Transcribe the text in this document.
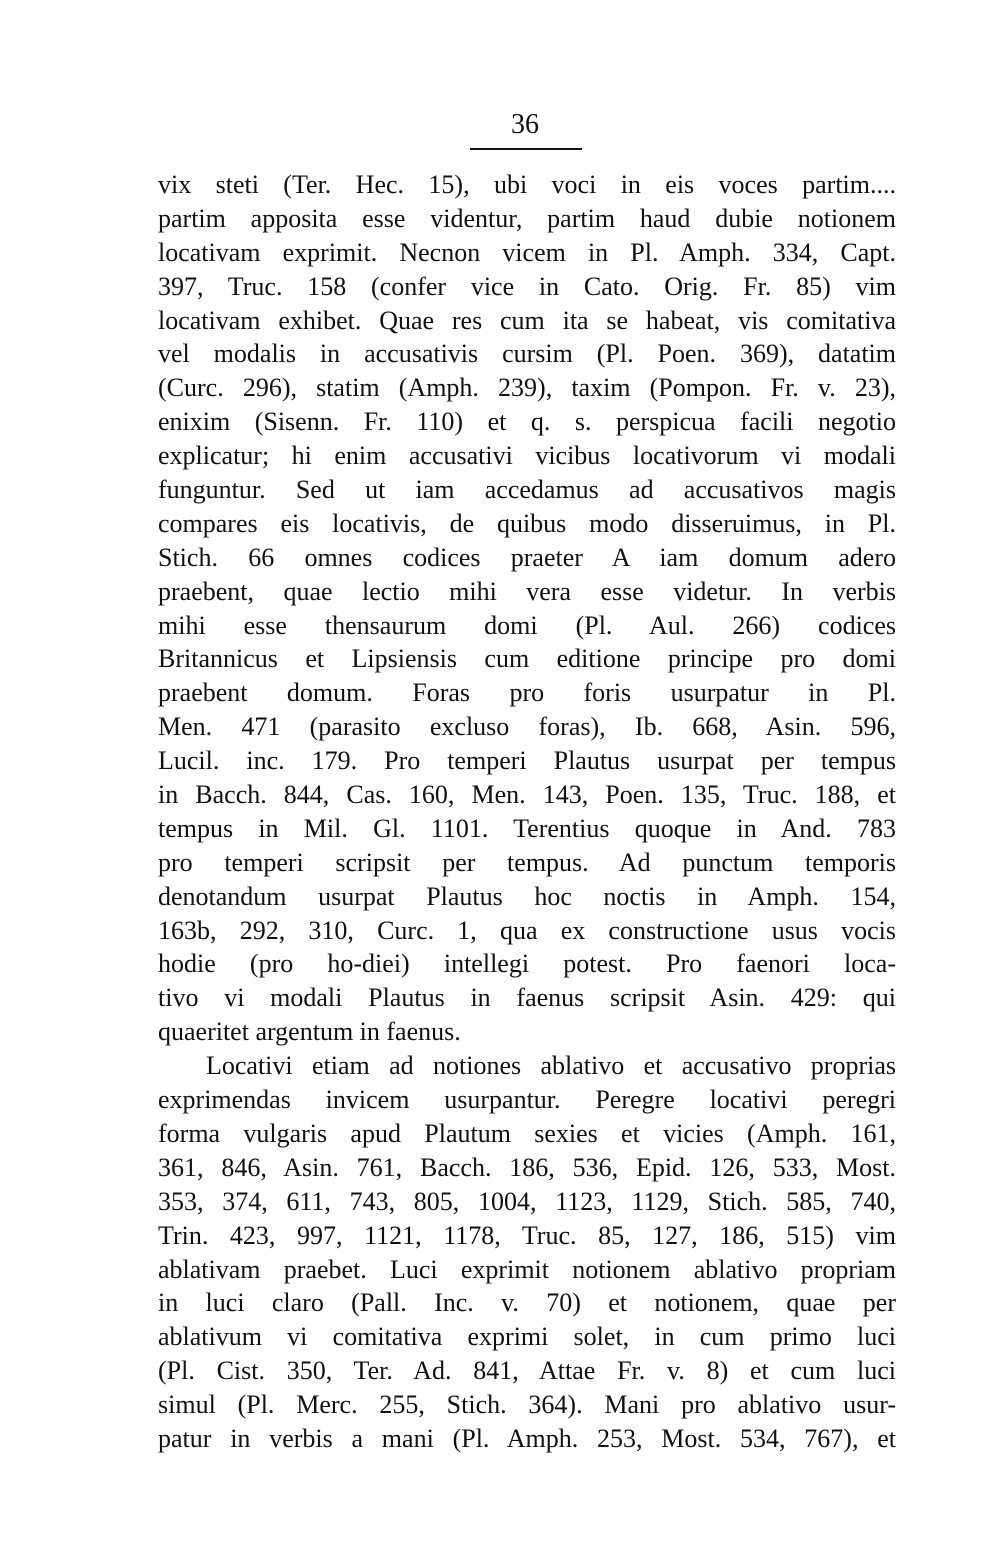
36
vix steti (Ter. Hec. 15), ubi voci in eis voces partim....
partim apposita esse videntur, partim haud dubie notionem
locativam exprimit. Necnon vicem in Pl. Amph. 334, Capt.
397, Truc. 158 (confer vice in Cato. Orig. Fr. 85) vim
locativam exhibet. Quae res cum ita se habeat, vis comitativa
vel modalis in accusativis cursim (Pl. Poen. 369), datatim
(Curc. 296), statim (Amph. 239), taxim (Pompon. Fr. v. 23),
enixim (Sisenn. Fr. 110) et q. s. perspicua facili negotio
explicatur; hi enim accusativi vicibus locativorum vi modali
funguntur. Sed ut iam accedamus ad accusativos magis
compares eis locativis, de quibus modo disseruimus, in Pl.
Stich. 66 omnes codices praeter A iam domum adero
praebent, quae lectio mihi vera esse videtur. In verbis
mihi esse thensaurum domi (Pl. Aul. 266) codices
Britannicus et Lipsiensis cum editione principe pro domi
praebent domum. Foras pro foris usurpatur in Pl.
Men. 471 (parasito excluso foras), Ib. 668, Asin. 596,
Lucil. inc. 179. Pro temperi Plautus usurpat per tempus
in Bacch. 844, Cas. 160, Men. 143, Poen. 135, Truc. 188, et
tempus in Mil. Gl. 1101. Terentius quoque in And. 783
pro temperi scripsit per tempus. Ad punctum temporis
denotandum usurpat Plautus hoc noctis in Amph. 154,
163b, 292, 310, Curc. 1, qua ex constructione usus vocis
hodie (pro ho-diei) intellegi potest. Pro faenori loca-
tivo vi modali Plautus in faenus scripsit Asin. 429: qui
quaeritet argentum in faenus.
Locativi etiam ad notiones ablativo et accusativo proprias
exprimendas invicem usurpantur. Peregre locativi peregri
forma vulgaris apud Plautum sexies et vicies (Amph. 161,
361, 846, Asin. 761, Bacch. 186, 536, Epid. 126, 533, Most.
353, 374, 611, 743, 805, 1004, 1123, 1129, Stich. 585, 740,
Trin. 423, 997, 1121, 1178, Truc. 85, 127, 186, 515) vim
ablativam praebet. Luci exprimit notionem ablativo propriam
in luci claro (Pall. Inc. v. 70) et notionem, quae per
ablativum vi comitativa exprimi solet, in cum primo luci
(Pl. Cist. 350, Ter. Ad. 841, Attae Fr. v. 8) et cum luci
simul (Pl. Merc. 255, Stich. 364). Mani pro ablativo usur-
patur in verbis a mani (Pl. Amph. 253, Most. 534, 767), et
